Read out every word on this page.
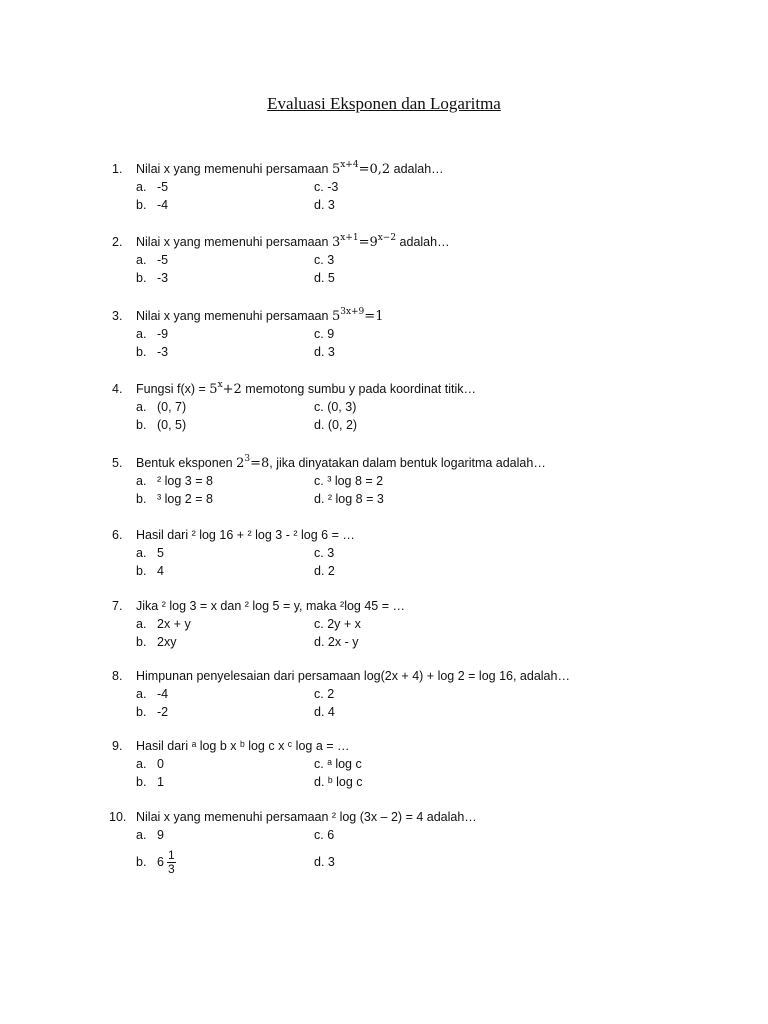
Evaluasi Eksponen dan Logaritma
1. Nilai x yang memenuhi persamaan $5^{x+4}=0,2$ adalah…
a. -5	c. -3
b. -4	d. 3
2. Nilai x yang memenuhi persamaan $3^{x+1}=9^{x-2}$ adalah…
a. -5	c. 3
b. -3	d. 5
3. Nilai x yang memenuhi persamaan $5^{3x+9}=1$
a. -9	c. 9
b. -3	d. 3
4. Fungsi $f(x) = 5^x+2$ memotong sumbu y pada koordinat titik…
a. (0, 7)	c. (0, 3)
b. (0, 5)	d. (0, 2)
5. Bentuk eksponen $2^3=8$, jika dinyatakan dalam bentuk logaritma adalah…
a. ² log 3 = 8	c. ³ log 8 = 2
b. ³ log 2 = 8	d. ² log 8 = 3
6. Hasil dari ² log 16 + ² log 3 - ² log 6 = …
a. 5	c. 3
b. 4	d. 2
7. Jika ² log 3 = x dan ² log 5 = y, maka ²log 45 = …
a. 2x + y	c. 2y + x
b. 2xy	d. 2x - y
8. Himpunan penyelesaian dari persamaan log(2x + 4) + log 2 = log 16, adalah…
a. -4	c. 2
b. -2	d. 4
9. Hasil dari ᵃ log b x ᵇ log c x ᶜ log a = …
a. 0	c. ᵃ log c
b. 1	d. ᵇ log c
10. Nilai x yang memenuhi persamaan ² log (3x – 2) = 4 adalah…
a. 9	c. 6
b. $6 \frac{1}{3}$	d. 3
